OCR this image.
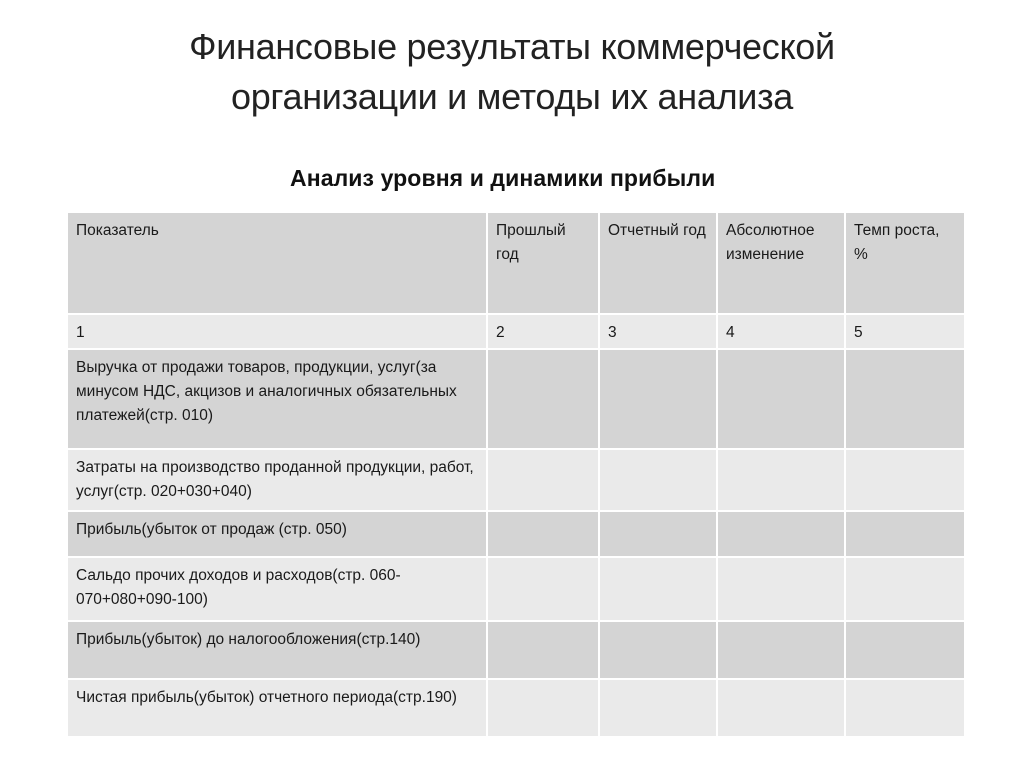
Финансовые результаты коммерческой
организации и методы их анализа
Анализ уровня и динамики прибыли
Показатель	Прошлый год	Отчетный год	Абсолютное изменение	Темп роста, %
1	2	3	4	5
Выручка от продажи товаров, продукции, услуг(за минусом НДС, акцизов и аналогичных обязательных платежей(стр. 010)				
Затраты на производство проданной продукции, работ, услуг(стр. 020+030+040)				
Прибыль(убыток от продаж (стр. 050)				
Сальдо прочих доходов и расходов(стр. 060-070+080+090-100)				
Прибыль(убыток) до налогообложения(стр.140)				
Чистая прибыль(убыток) отчетного периода(стр.190)				
